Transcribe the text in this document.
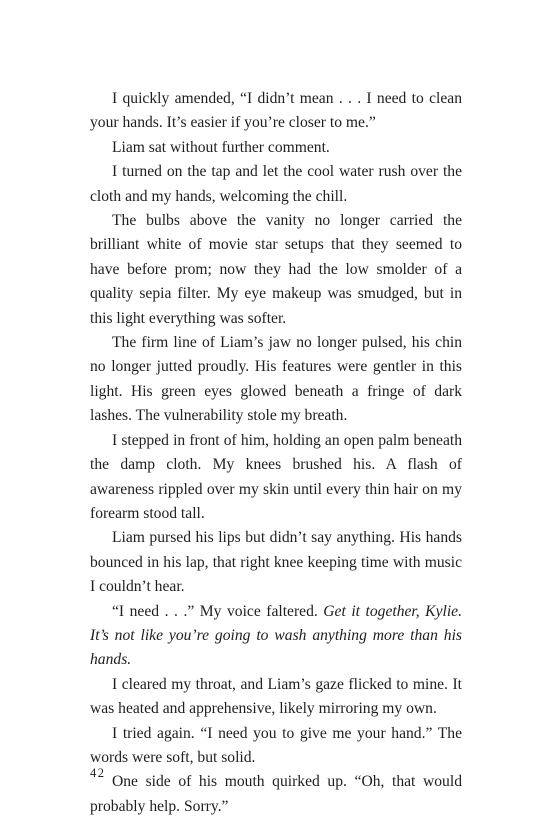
I quickly amended, “I didn’t mean . . . I need to clean your hands. It’s easier if you’re closer to me.”

Liam sat without further comment.

I turned on the tap and let the cool water rush over the cloth and my hands, welcoming the chill.

The bulbs above the vanity no longer carried the brilliant white of movie star setups that they seemed to have before prom; now they had the low smolder of a quality sepia filter. My eye makeup was smudged, but in this light everything was softer.

The firm line of Liam’s jaw no longer pulsed, his chin no longer jutted proudly. His features were gentler in this light. His green eyes glowed beneath a fringe of dark lashes. The vulnerability stole my breath.

I stepped in front of him, holding an open palm beneath the damp cloth. My knees brushed his. A flash of awareness rippled over my skin until every thin hair on my forearm stood tall.

Liam pursed his lips but didn’t say anything. His hands bounced in his lap, that right knee keeping time with music I couldn’t hear.

“I need . . .” My voice faltered. Get it together, Kylie. It’s not like you’re going to wash anything more than his hands.

I cleared my throat, and Liam’s gaze flicked to mine. It was heated and apprehensive, likely mirroring my own.

I tried again. “I need you to give me your hand.” The words were soft, but solid.

One side of his mouth quirked up. “Oh, that would probably help. Sorry.”

42
